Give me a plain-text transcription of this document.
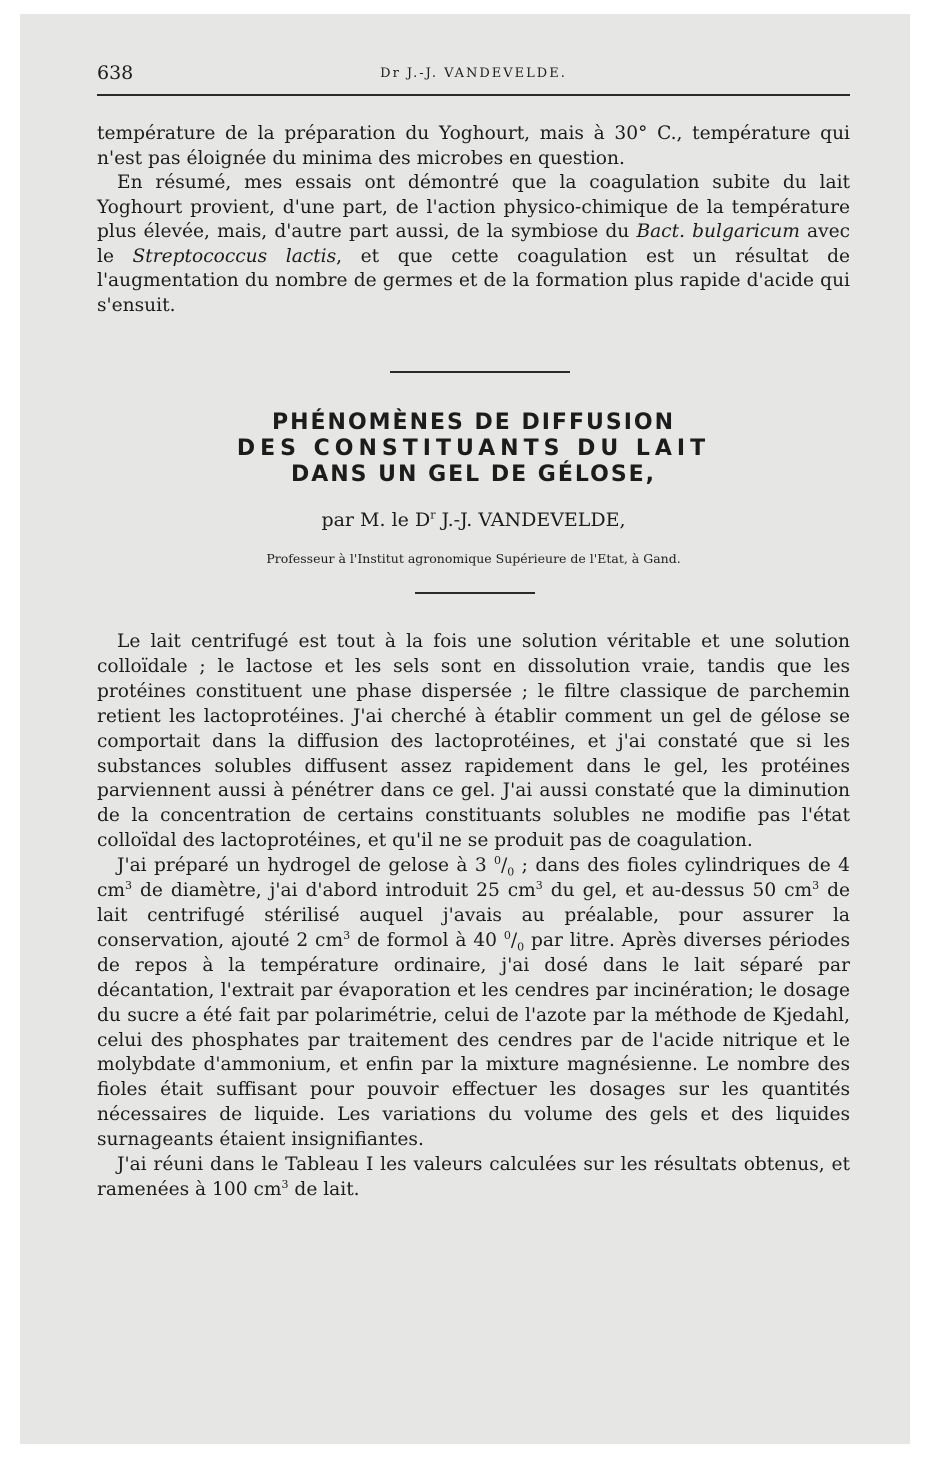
638	Dr J.-J. VANDEVELDE.

température de la préparation du Yoghourt, mais à 30° C., température qui n'est pas éloignée du minima des microbes en question.

En résumé, mes essais ont démontré que la coagulation subite du lait Yoghourt provient, d'une part, de l'action physico-chimique de la température plus élevée, mais, d'autre part aussi, de la symbiose du Bact. bulgaricum avec le Streptococcus lactis, et que cette coagulation est un résultat de l'augmentation du nombre de germes et de la formation plus rapide d'acide qui s'ensuit.

PHÉNOMÈNES DE DIFFUSION
DES CONSTITUANTS DU LAIT
DANS UN GEL DE GÉLOSE,
par M. le $D^r$ J.-J. VANDEVELDE,
Professeur à l'Institut agronomique Supérieure de l'Etat, à Gand.

Le lait centrifugé est tout à la fois une solution véritable et une solution colloïdale ; le lactose et les sels sont en dissolution vraie, tandis que les protéines constituent une phase dispersée ; le filtre classique de parchemin retient les lactoprotéines. J'ai cherché à établir comment un gel de gélose se comportait dans la diffusion des lactoprotéines, et j'ai constaté que si les substances solubles diffusent assez rapidement dans le gel, les protéines parviennent aussi à pénétrer dans ce gel. J'ai aussi constaté que la diminution de la concentration de certains constituants solubles ne modifie pas l'état colloïdal des lactoprotéines, et qu'il ne se produit pas de coagulation.

J'ai préparé un hydrogel de gelose à 3 $^0/_0$ ; dans des fioles cylindriques de 4 $cm^3$ de diamètre, j'ai d'abord introduit 25 $cm^3$ du gel, et au-dessus 50 $cm^3$ de lait centrifugé stérilisé auquel j'avais au préalable, pour assurer la conservation, ajouté 2 $cm^3$ de formol à 40 $^0/_0$ par litre. Après diverses périodes de repos à la température ordinaire, j'ai dosé dans le lait séparé par décantation, l'extrait par évaporation et les cendres par incinération; le dosage du sucre a été fait par polarimétrie, celui de l'azote par la méthode de Kjedahl, celui des phosphates par traitement des cendres par de l'acide nitrique et le molybdate d'ammonium, et enfin par la mixture magnésienne. Le nombre des fioles était suffisant pour pouvoir effectuer les dosages sur les quantités nécessaires de liquide. Les variations du volume des gels et des liquides surnageants étaient insignifiantes.

J'ai réuni dans le Tableau I les valeurs calculées sur les résultats obtenus, et ramenées à 100 $cm^3$ de lait.
